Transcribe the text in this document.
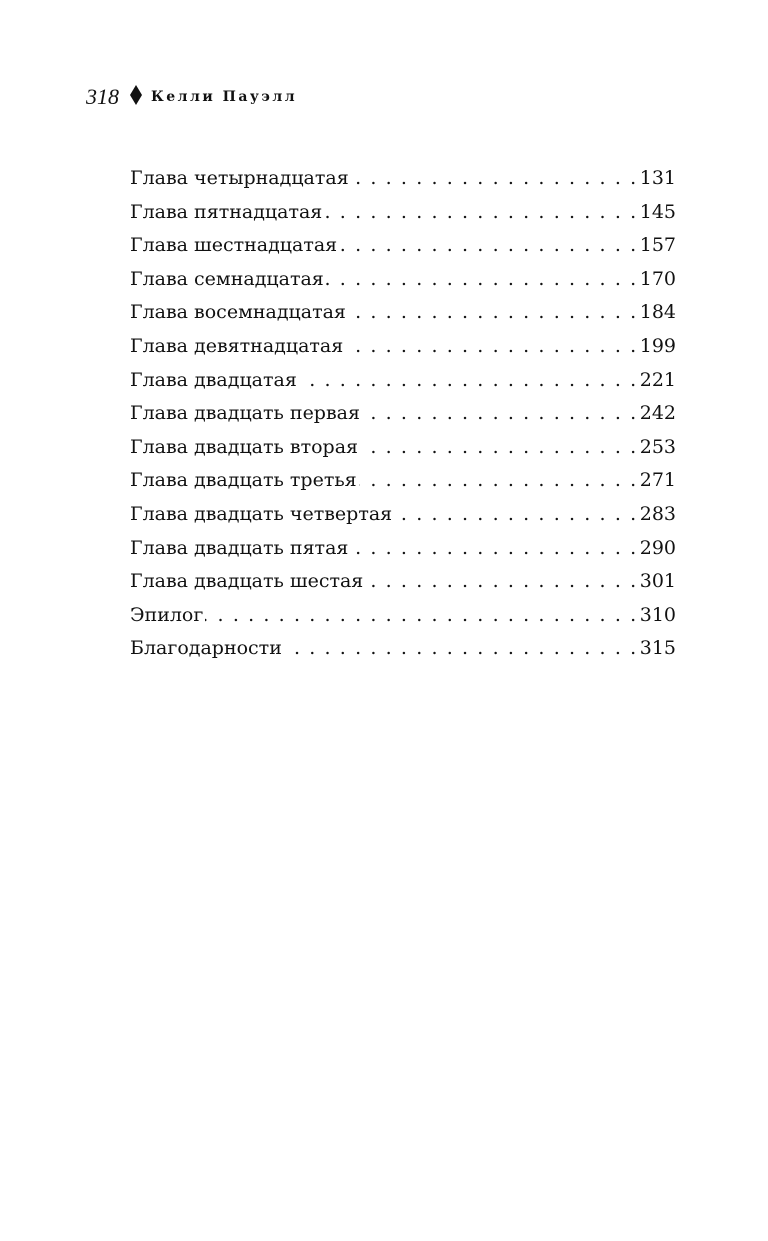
318 Келли Пауэлл
Глава четырнадцатая . . .	131
Глава пятнадцатая . . .	145
Глава шестнадцатая . . .	157
Глава семнадцатая . . .	170
Глава восемнадцатая . . .	184
Глава девятнадцатая . . .	199
Глава двадцатая . . .	221
Глава двадцать первая . . .	242
Глава двадцать вторая . . .	253
Глава двадцать третья . . .	271
Глава двадцать четвертая . . .	283
Глава двадцать пятая . . .	290
Глава двадцать шестая . . .	301
Эпилог . . .	310
Благодарности . . .	315
